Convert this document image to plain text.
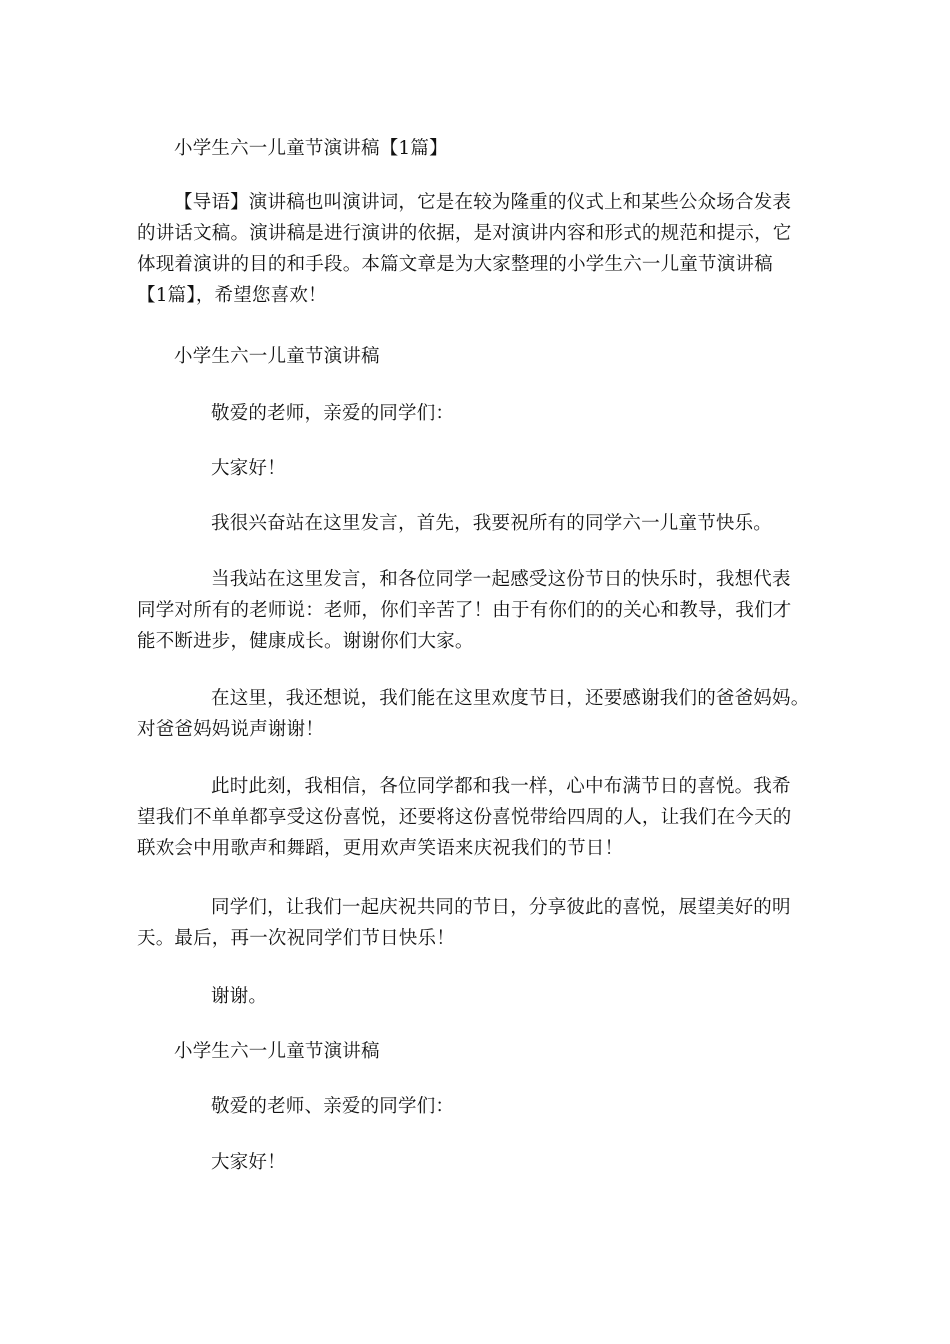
小学生六一儿童节演讲稿【1篇】
【导语】演讲稿也叫演讲词，它是在较为隆重的仪式上和某些公众场合发表
的讲话文稿。演讲稿是进行演讲的依据，是对演讲内容和形式的规范和提示，它
体现着演讲的目的和手段。本篇文章是为大家整理的小学生六一儿童节演讲稿
【1篇】，希望您喜欢！
小学生六一儿童节演讲稿
敬爱的老师，亲爱的同学们：
大家好！
我很兴奋站在这里发言，首先，我要祝所有的同学六一儿童节快乐。
当我站在这里发言，和各位同学一起感受这份节日的快乐时，我想代表
同学对所有的老师说：老师，你们辛苦了！由于有你们的的关心和教导，我们才
能不断进步，健康成长。谢谢你们大家。
在这里，我还想说，我们能在这里欢度节日，还要感谢我们的爸爸妈妈。
对爸爸妈妈说声谢谢！
此时此刻，我相信，各位同学都和我一样，心中布满节日的喜悦。我希
望我们不单单都享受这份喜悦，还要将这份喜悦带给四周的人，让我们在今天的
联欢会中用歌声和舞蹈，更用欢声笑语来庆祝我们的节日！
同学们，让我们一起庆祝共同的节日，分享彼此的喜悦，展望美好的明
天。最后，再一次祝同学们节日快乐！
谢谢。
小学生六一儿童节演讲稿
敬爱的老师、亲爱的同学们：
大家好！
